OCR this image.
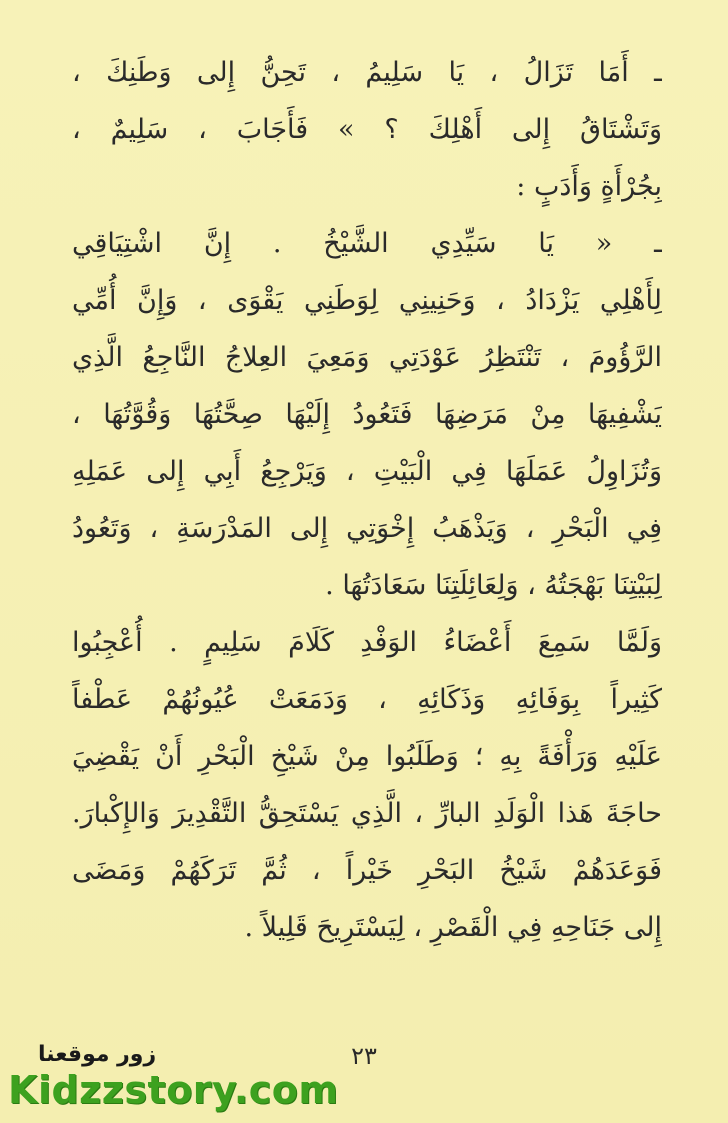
ـ أَمَا تَزَالُ ، يَا سَلِيمُ ، تَحِنُّ إِلى وَطَنِكَ ،
وَتَشْتَاقُ إِلى أَهْلِكَ ؟ » فَأَجَابَ ، سَلِيمٌ ،
بِجُرْأَةٍ وَأَدَبٍ :
ـ « يَا سَيِّدِي الشَّيْخُ . إِنَّ اشْتِيَاقِي
لِأَهْلِي يَزْدَادُ ، وَحَنِينِي لِوَطَنِي يَقْوَى ، وَإِنَّ أُمِّي
الرَّؤُومَ ، تَنْتَظِرُ عَوْدَتِي وَمَعِيَ العِلاجُ النَّاجِعُ الَّذِي
يَشْفِيهَا مِنْ مَرَضِهَا فَتَعُودُ إِلَيْهَا صِحَّتُهَا وَقُوَّتُهَا ،
وَتُزَاوِلُ عَمَلَهَا فِي الْبَيْتِ ، وَيَرْجِعُ أَبِي إِلى عَمَلِهِ
فِي الْبَحْرِ ، وَيَذْهَبُ إِخْوَتِي إِلى المَدْرَسَةِ ، وَتَعُودُ
لِبَيْتِنَا بَهْجَتُهُ ، وَلِعَائِلَتِنَا سَعَادَتُهَا .
وَلَمَّا سَمِعَ أَعْضَاءُ الوَفْدِ كَلَامَ سَلِيمٍ . أُعْجِبُوا
كَثِيراً بِوَفَائِهِ وَذَكَائِهِ ، وَدَمَعَتْ عُيُونُهُمْ عَطْفاً
عَلَيْهِ وَرَأْفَةً بِهِ ؛ وَطَلَبُوا مِنْ شَيْخِ الْبَحْرِ أَنْ يَقْضِيَ
حاجَةَ هَذا الْوَلَدِ البارِّ ، الَّذِي يَسْتَحِقُّ التَّقْدِيرَ وَالإِكْبارَ.
فَوَعَدَهُمْ شَيْخُ البَحْرِ خَيْراً ، ثُمَّ تَرَكَهُمْ وَمَضَى
إِلى جَنَاحِهِ فِي الْقَصْرِ ، لِيَسْتَرِيحَ قَلِيلاً .
٢٣
زور موقعنا
Kidzzstory.com
